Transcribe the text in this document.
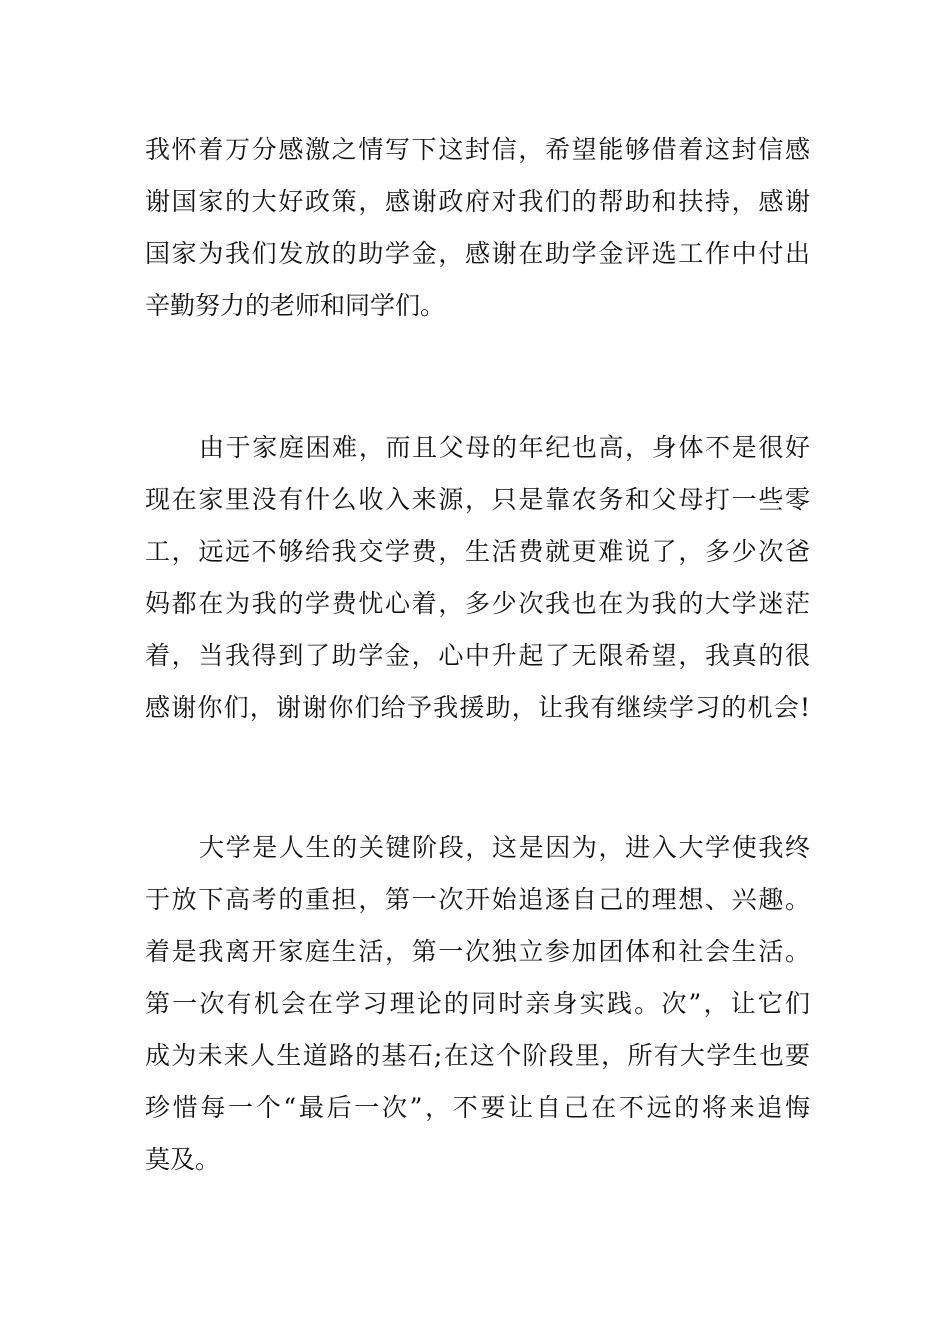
我怀着万分感激之情写下这封信，希望能够借着这封信感
谢国家的大好政策，感谢政府对我们的帮助和扶持，感谢
国家为我们发放的助学金，感谢在助学金评选工作中付出
辛勤努力的老师和同学们。
由于家庭困难，而且父母的年纪也高，身体不是很好
现在家里没有什么收入来源，只是靠农务和父母打一些零
工，远远不够给我交学费，生活费就更难说了，多少次爸
妈都在为我的学费忧心着，多少次我也在为我的大学迷茫
着，当我得到了助学金，心中升起了无限希望，我真的很
感谢你们，谢谢你们给予我援助，让我有继续学习的机会!
大学是人生的关键阶段，这是因为，进入大学使我终
于放下高考的重担，第一次开始追逐自己的理想、兴趣。
着是我离开家庭生活，第一次独立参加团体和社会生活。
第一次有机会在学习理论的同时亲身实践。次”，让它们
成为未来人生道路的基石;在这个阶段里，所有大学生也要
珍惜每一个“最后一次”，不要让自己在不远的将来追悔
莫及。
